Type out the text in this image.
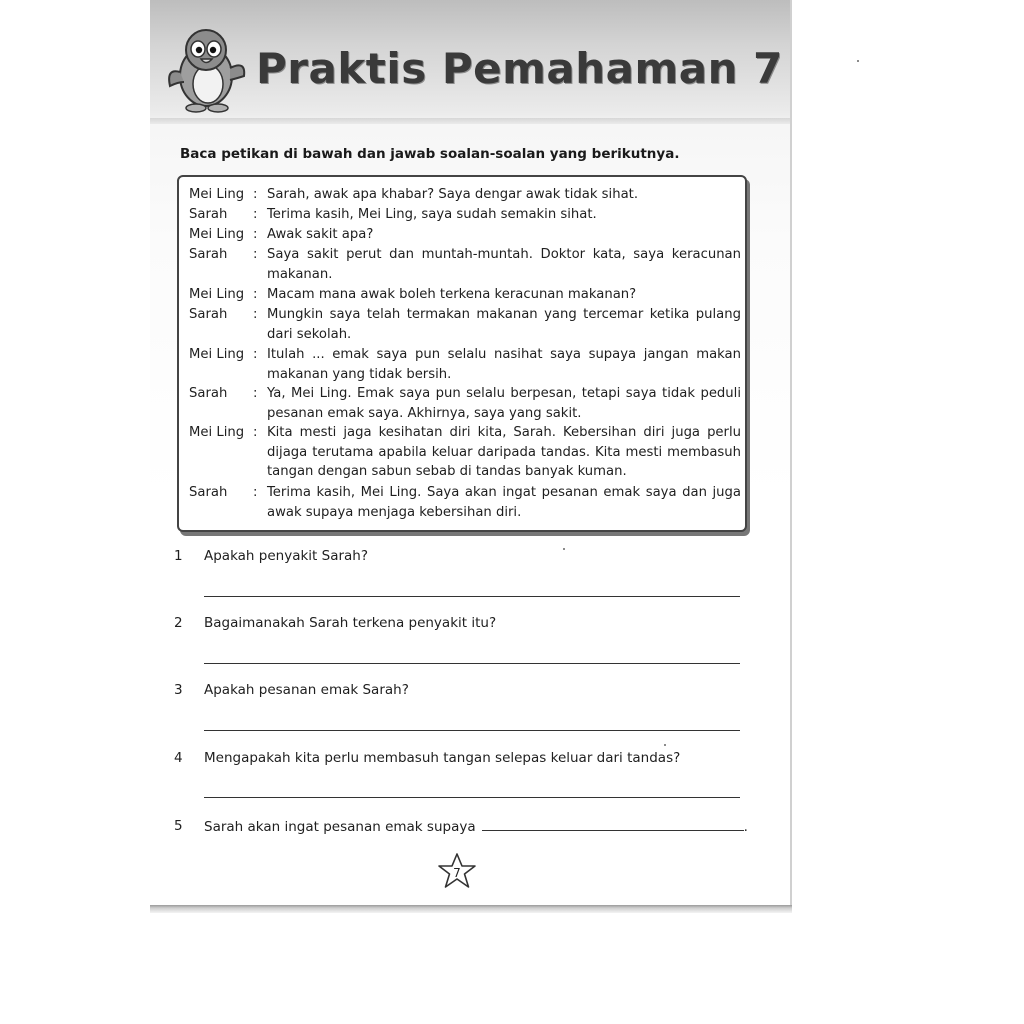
Praktis Pemahaman 7

Baca petikan di bawah dan jawab soalan-soalan yang berikutnya.

Mei Ling : Sarah, awak apa khabar? Saya dengar awak tidak sihat.
Sarah	: Terima kasih, Mei Ling, saya sudah semakin sihat.
Mei Ling : Awak sakit apa?
Sarah	: Saya sakit perut dan muntah-muntah. Doktor kata, saya keracunan makanan.
Mei Ling : Macam mana awak boleh terkena keracunan makanan?
Sarah	: Mungkin saya telah termakan makanan yang tercemar ketika pulang dari sekolah.
Mei Ling : Itulah ... emak saya pun selalu nasihat saya supaya jangan makan makanan yang tidak bersih.
Sarah	: Ya, Mei Ling. Emak saya pun selalu berpesan, tetapi saya tidak peduli pesanan emak saya. Akhirnya, saya yang sakit.
Mei Ling : Kita mesti jaga kesihatan diri kita, Sarah. Kebersihan diri juga perlu dijaga terutama apabila keluar daripada tandas. Kita mesti membasuh tangan dengan sabun sebab di tandas banyak kuman.
Sarah	: Terima kasih, Mei Ling. Saya akan ingat pesanan emak saya dan juga awak supaya menjaga kebersihan diri.
1 Apakah penyakit Sarah?
2 Bagaimanakah Sarah terkena penyakit itu?
3 Apakah pesanan emak Sarah?
4 Mengapakah kita perlu membasuh tangan selepas keluar dari tandas?
5 Sarah akan ingat pesanan emak supaya	.
7
